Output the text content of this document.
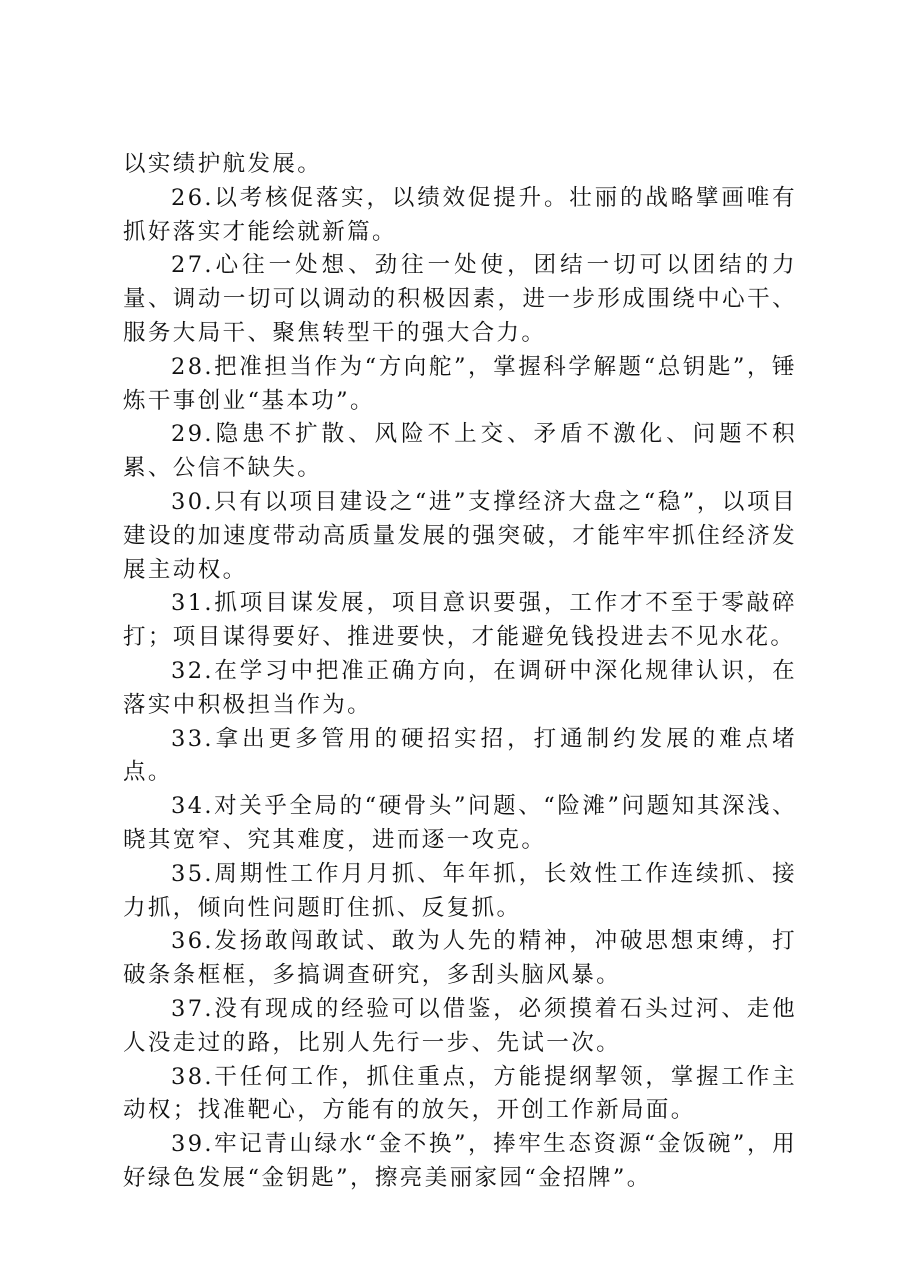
以实绩护航发展。

26.以考核促落实，以绩效促提升。壮丽的战略擘画唯有抓好落实才能绘就新篇。

27.心往一处想、劲往一处使，团结一切可以团结的力量、调动一切可以调动的积极因素，进一步形成围绕中心干、服务大局干、聚焦转型干的强大合力。

28.把准担当作为“方向舵”，掌握科学解题“总钥匙”，锤炼干事创业“基本功”。

29.隐患不扩散、风险不上交、矛盾不激化、问题不积累、公信不缺失。

30.只有以项目建设之“进”支撑经济大盘之“稳”，以项目建设的加速度带动高质量发展的强突破，才能牢牢抓住经济发展主动权。

31.抓项目谋发展，项目意识要强，工作才不至于零敲碎打；项目谋得要好、推进要快，才能避免钱投进去不见水花。

32.在学习中把准正确方向，在调研中深化规律认识，在落实中积极担当作为。

33.拿出更多管用的硬招实招，打通制约发展的难点堵点。

34.对关乎全局的“硬骨头”问题、“险滩”问题知其深浅、晓其宽窄、究其难度，进而逐一攻克。

35.周期性工作月月抓、年年抓，长效性工作连续抓、接力抓，倾向性问题盯住抓、反复抓。

36.发扬敢闯敢试、敢为人先的精神，冲破思想束缚，打破条条框框，多搞调查研究，多刮头脑风暴。

37.没有现成的经验可以借鉴，必须摸着石头过河、走他人没走过的路，比别人先行一步、先试一次。

38.干任何工作，抓住重点，方能提纲挈领，掌握工作主动权；找准靶心，方能有的放矢，开创工作新局面。

39.牢记青山绿水“金不换”，捧牢生态资源“金饭碗”，用好绿色发展“金钥匙”，擦亮美丽家园“金招牌”。
